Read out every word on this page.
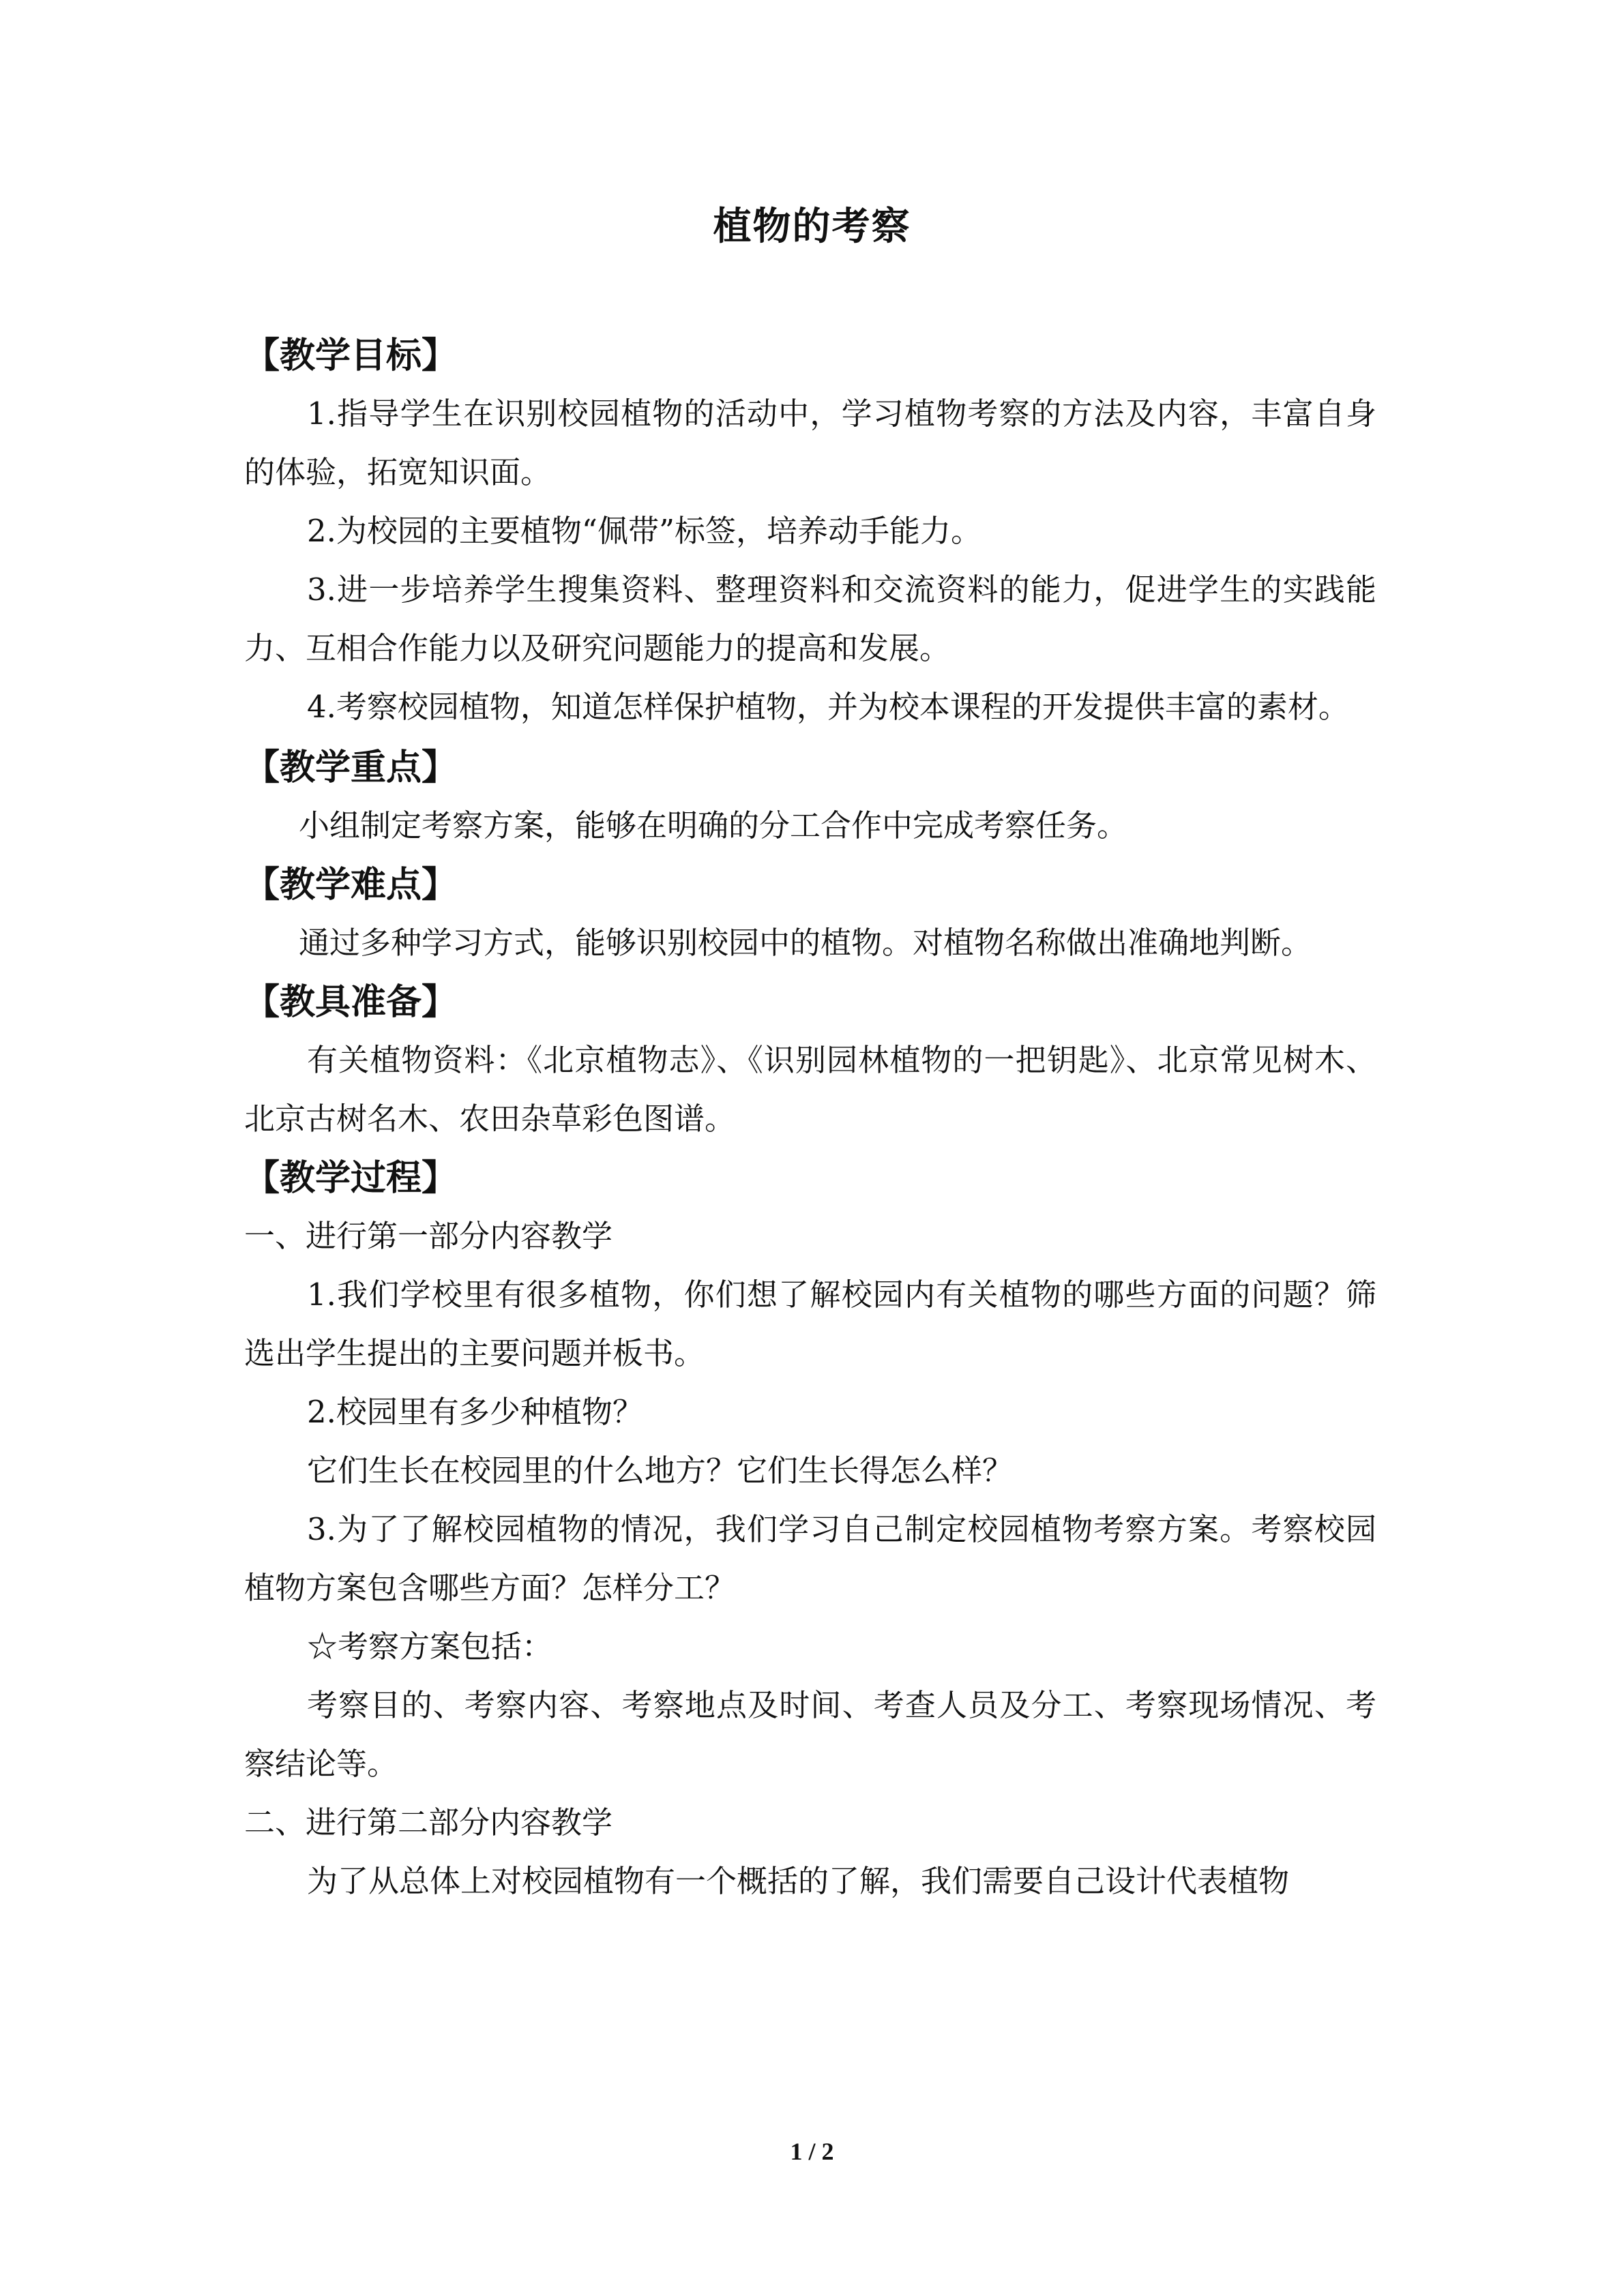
植物的考察
【教学目标】

1.指导学生在识别校园植物的活动中，学习植物考察的方法及内容，丰富自身的体验，拓宽知识面。

2.为校园的主要植物“佩带”标签，培养动手能力。

3.进一步培养学生搜集资料、整理资料和交流资料的能力，促进学生的实践能力、互相合作能力以及研究问题能力的提高和发展。

4.考察校园植物，知道怎样保护植物，并为校本课程的开发提供丰富的素材。

【教学重点】

小组制定考察方案，能够在明确的分工合作中完成考察任务。

【教学难点】

通过多种学习方式，能够识别校园中的植物。对植物名称做出准确地判断。

【教具准备】

有关植物资料：《北京植物志》、《识别园林植物的一把钥匙》、北京常见树木、北京古树名木、农田杂草彩色图谱。

【教学过程】

一、进行第一部分内容教学

1.我们学校里有很多植物，你们想了解校园内有关植物的哪些方面的问题？筛选出学生提出的主要问题并板书。

2.校园里有多少种植物？

它们生长在校园里的什么地方？它们生长得怎么样？

3.为了了解校园植物的情况，我们学习自己制定校园植物考察方案。考察校园植物方案包含哪些方面？怎样分工？

☆考察方案包括：

考察目的、考察内容、考察地点及时间、考查人员及分工、考察现场情况、考察结论等。

二、进行第二部分内容教学

为了从总体上对校园植物有一个概括的了解，我们需要自己设计代表植物

1 / 2
